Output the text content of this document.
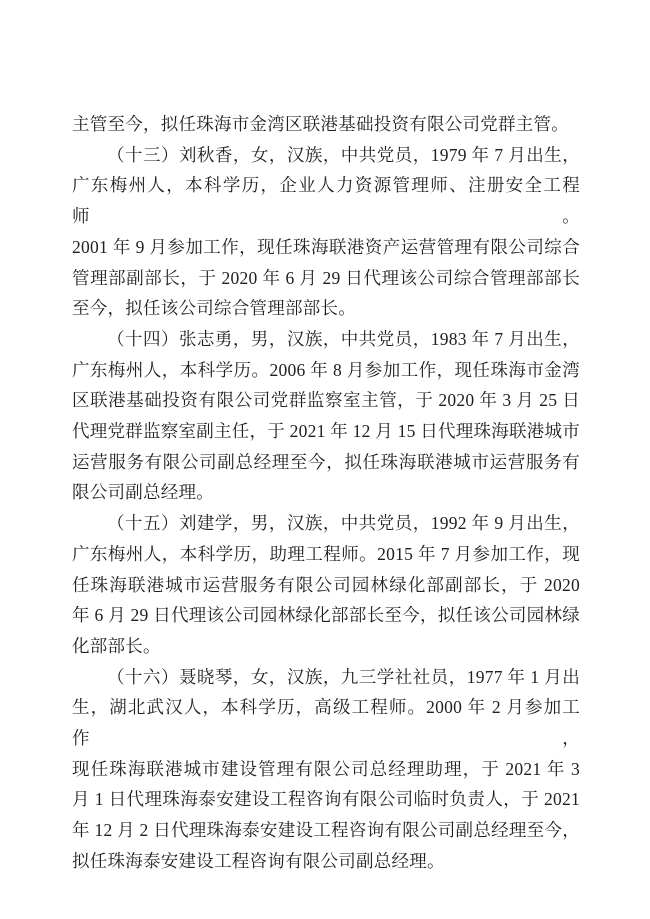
主管至今，拟任珠海市金湾区联港基础投资有限公司党群主管。
（十三）刘秋香，女，汉族，中共党员，1979 年 7 月出生，
广东梅州人，本科学历，企业人力资源管理师、注册安全工程师。
2001 年 9 月参加工作，现任珠海联港资产运营管理有限公司综合
管理部副部长，于 2020 年 6 月 29 日代理该公司综合管理部部长
至今，拟任该公司综合管理部部长。
（十四）张志勇，男，汉族，中共党员，1983 年 7 月出生，
广东梅州人，本科学历。2006 年 8 月参加工作，现任珠海市金湾
区联港基础投资有限公司党群监察室主管，于 2020 年 3 月 25 日
代理党群监察室副主任，于 2021 年 12 月 15 日代理珠海联港城市
运营服务有限公司副总经理至今，拟任珠海联港城市运营服务有
限公司副总经理。
（十五）刘建学，男，汉族，中共党员，1992 年 9 月出生，
广东梅州人，本科学历，助理工程师。2015 年 7 月参加工作，现
任珠海联港城市运营服务有限公司园林绿化部副部长，于 2020
年 6 月 29 日代理该公司园林绿化部部长至今，拟任该公司园林绿
化部部长。
（十六）聂晓琴，女，汉族，九三学社社员，1977 年 1 月出
生，湖北武汉人，本科学历，高级工程师。2000 年 2 月参加工作，
现任珠海联港城市建设管理有限公司总经理助理，于 2021 年 3
月 1 日代理珠海泰安建设工程咨询有限公司临时负责人，于 2021
年 12 月 2 日代理珠海泰安建设工程咨询有限公司副总经理至今，
拟任珠海泰安建设工程咨询有限公司副总经理。
